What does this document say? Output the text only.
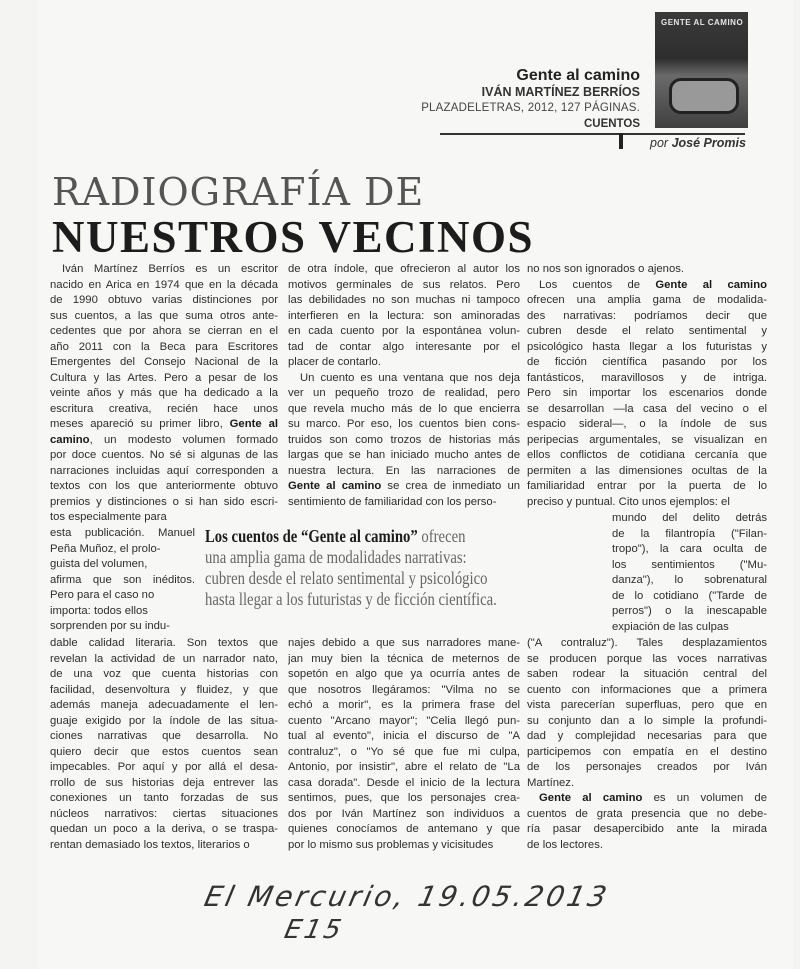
GENTE AL CAMINO
Gente al camino
IVÁN MARTÍNEZ BERRÍOS
PLAZADELETRAS, 2012, 127 PÁGINAS.
CUENTOS
por José Promis
RADIOGRAFÍA DE
NUESTROS VECINOS
Iván Martínez Berríos es un escritor
nacido en Arica en 1974 que en la década
de 1990 obtuvo varias distinciones por
sus cuentos, a las que suma otros ante-
cedentes que por ahora se cierran en el
año 2011 con la Beca para Escritores
Emergentes del Consejo Nacional de la
Cultura y las Artes. Pero a pesar de los
veinte años y más que ha dedicado a la
escritura creativa, recién hace unos
meses apareció su primer libro, Gente al
camino, un modesto volumen formado
por doce cuentos. No sé si algunas de las
narraciones incluidas aquí corresponden a
textos con los que anteriormente obtuvo
premios y distinciones o si han sido escri-
tos especialmente para
esta publicación. Manuel
Peña Muñoz, el prolo-
guista del volumen,
afirma que son inéditos.
Pero para el caso no
importa: todos ellos
sorprenden por su indu-
dable calidad literaria. Son textos que
revelan la actividad de un narrador nato,
de una voz que cuenta historias con
facilidad, desenvoltura y fluidez, y que
además maneja adecuadamente el len-
guaje exigido por la índole de las situa-
ciones narrativas que desarrolla. No
quiero decir que estos cuentos sean
impecables. Por aquí y por allá el desa-
rrollo de sus historias deja entrever las
conexiones un tanto forzadas de sus
núcleos narrativos: ciertas situaciones
quedan un poco a la deriva, o se traspa-
rentan demasiado los textos, literarios o
de otra índole, que ofrecieron al autor los
motivos germinales de sus relatos. Pero
las debilidades no son muchas ni tampoco
interfieren en la lectura: son aminoradas
en cada cuento por la espontánea volun-
tad de contar algo interesante por el
placer de contarlo.
Un cuento es una ventana que nos deja
ver un pequeño trozo de realidad, pero
que revela mucho más de lo que encierra
su marco. Por eso, los cuentos bien cons-
truidos son como trozos de historias más
largas que se han iniciado mucho antes de
nuestra lectura. En las narraciones de
Gente al camino se crea de inmediato un
sentimiento de familiaridad con los perso-
najes debido a que sus narradores mane-
jan muy bien la técnica de meternos de
sopetón en algo que ya ocurría antes de
que nosotros llegáramos: "Vilma no se
echó a morir", es la primera frase del
cuento "Arcano mayor"; "Celia llegó pun-
tual al evento", inicia el discurso de "A
contraluz", o "Yo sé que fue mi culpa,
Antonio, por insistir", abre el relato de "La
casa dorada". Desde el inicio de la lectura
sentimos, pues, que los personajes crea-
dos por Iván Martínez son individuos a
quienes conocíamos de antemano y que
por lo mismo sus problemas y vicisitudes
no nos son ignorados o ajenos.
Los cuentos de Gente al camino
ofrecen una amplia gama de modalida-
des narrativas: podríamos decir que
cubren desde el relato sentimental y
psicológico hasta llegar a los futuristas y
de ficción científica pasando por los
fantásticos, maravillosos y de intriga.
Pero sin importar los escenarios donde
se desarrollan —la casa del vecino o el
espacio sideral—, o la índole de sus
peripecias argumentales, se visualizan en
ellos conflictos de cotidiana cercanía que
permiten a las dimensiones ocultas de la
familiaridad entrar por la puerta de lo
preciso y puntual. Cito unos ejemplos: el
mundo del delito detrás
de la filantropía ("Filan-
tropo"), la cara oculta de
los sentimientos ("Mu-
danza"), lo sobrenatural
de lo cotidiano ("Tarde de
perros") o la inescapable
expiación de las culpas
("A contraluz"). Tales desplazamientos
se producen porque las voces narrativas
saben rodear la situación central del
cuento con informaciones que a primera
vista parecerían superfluas, pero que en
su conjunto dan a lo simple la profundi-
dad y complejidad necesarias para que
participemos con empatía en el destino
de los personajes creados por Iván
Martínez.
Gente al camino es un volumen de
cuentos de grata presencia que no debe-
ría pasar desapercibido ante la mirada
de los lectores.
Los cuentos de “Gente al camino” ofrecen
una amplia gama de modalidades narrativas:
cubren desde el relato sentimental y psicológico
hasta llegar a los futuristas y de ficción científica.
El Mercurio, 19.05.2013
E15
